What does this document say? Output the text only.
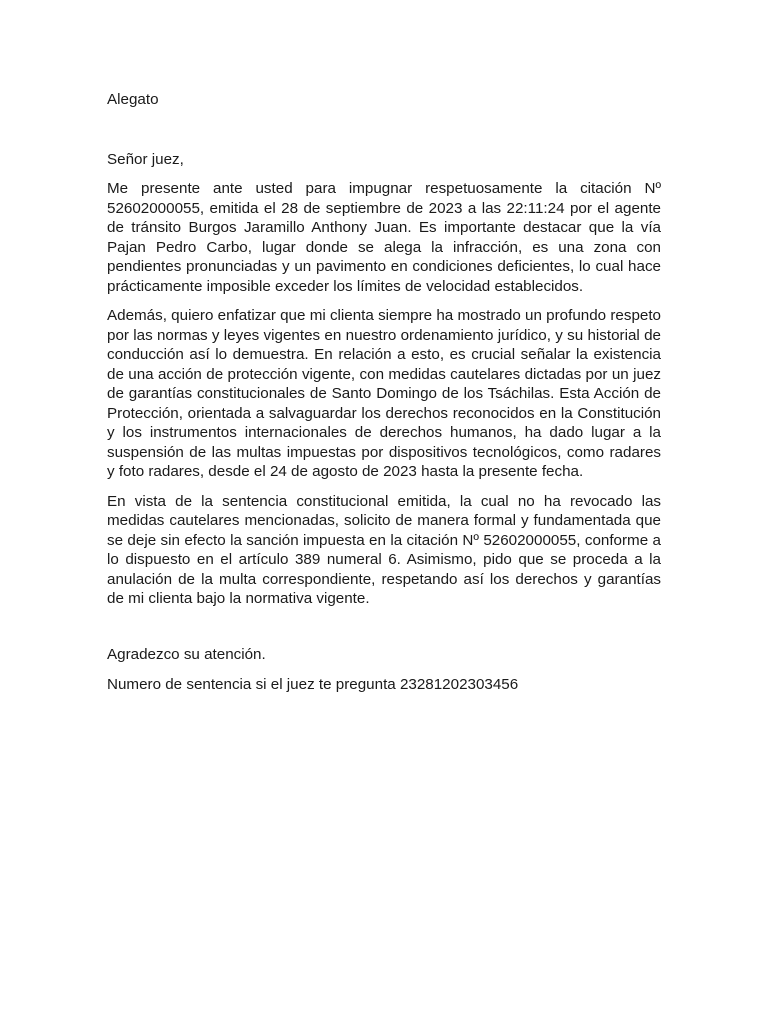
Alegato

Señor juez,

Me presente ante usted para impugnar respetuosamente la citación Nº 52602000055, emitida el 28 de septiembre de 2023 a las 22:11:24 por el agente de tránsito Burgos Jaramillo Anthony Juan. Es importante destacar que la vía Pajan Pedro Carbo, lugar donde se alega la infracción, es una zona con pendientes pronunciadas y un pavimento en condiciones deficientes, lo cual hace prácticamente imposible exceder los límites de velocidad establecidos.

Además, quiero enfatizar que mi clienta siempre ha mostrado un profundo respeto por las normas y leyes vigentes en nuestro ordenamiento jurídico, y su historial de conducción así lo demuestra. En relación a esto, es crucial señalar la existencia de una acción de protección vigente, con medidas cautelares dictadas por un juez de garantías constitucionales de Santo Domingo de los Tsáchilas. Esta Acción de Protección, orientada a salvaguardar los derechos reconocidos en la Constitución y los instrumentos internacionales de derechos humanos, ha dado lugar a la suspensión de las multas impuestas por dispositivos tecnológicos, como radares y foto radares, desde el 24 de agosto de 2023 hasta la presente fecha.

En vista de la sentencia constitucional emitida, la cual no ha revocado las medidas cautelares mencionadas, solicito de manera formal y fundamentada que se deje sin efecto la sanción impuesta en la citación Nº 52602000055, conforme a lo dispuesto en el artículo 389 numeral 6. Asimismo, pido que se proceda a la anulación de la multa correspondiente, respetando así los derechos y garantías de mi clienta bajo la normativa vigente.

Agradezco su atención.

Numero de sentencia si el juez te pregunta 23281202303456
